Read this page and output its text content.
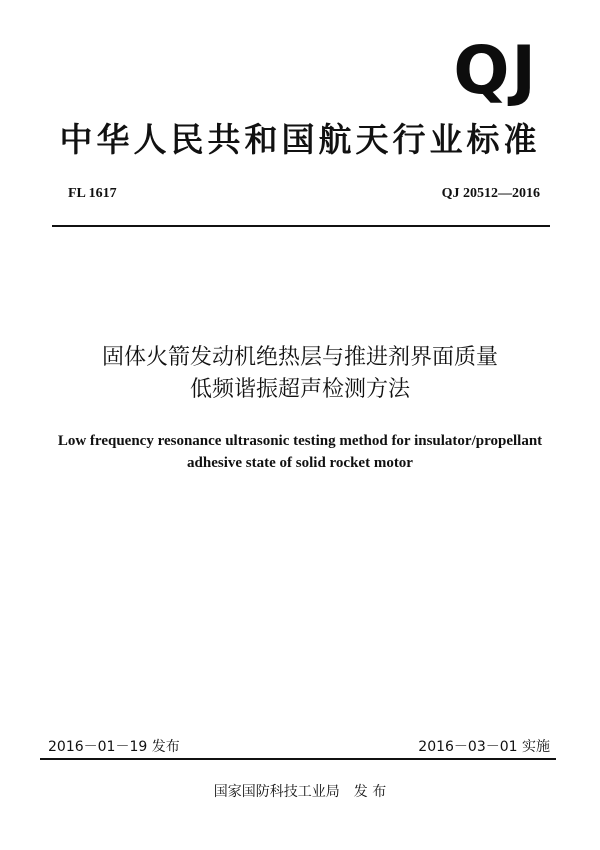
QJ
中华人民共和国航天行业标准
FL 1617	QJ 20512—2016
固体火箭发动机绝热层与推进剂界面质量
低频谐振超声检测方法
Low frequency resonance ultrasonic testing method for insulator/propellant
adhesive state of solid rocket motor
2016－01－19 发布	2016－03－01 实施
国家国防科技工业局 发 布
